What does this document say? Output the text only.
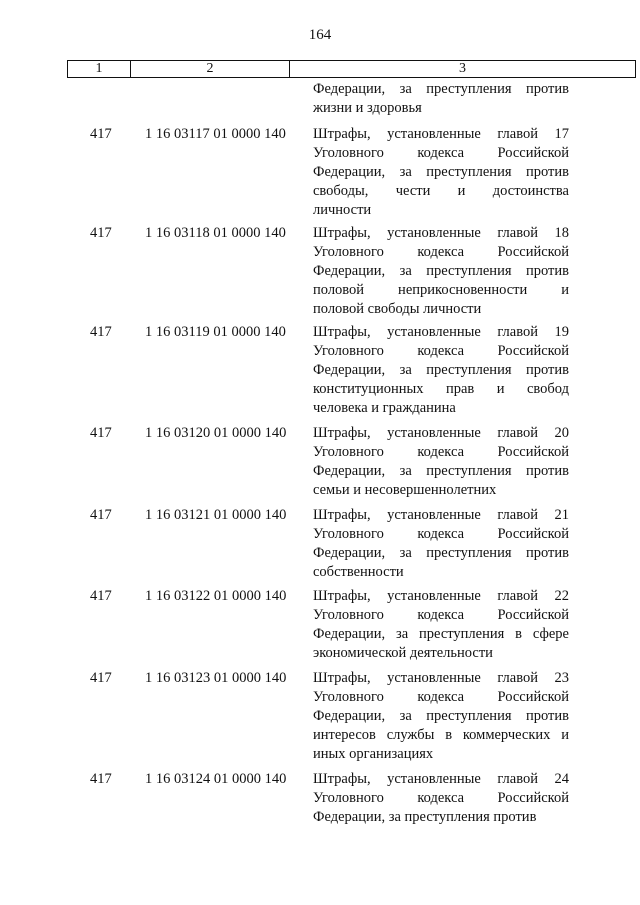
164
1	2	3
Федерации, за преступления против
жизни и здоровья
417	1 16 03117 01 0000 140	Штрафы, установленные главой 17
Уголовного кодекса Российской
Федерации, за преступления против
свободы, чести и достоинства
личности
417	1 16 03118 01 0000 140	Штрафы, установленные главой 18
Уголовного кодекса Российской
Федерации, за преступления против
половой неприкосновенности и
половой свободы личности
417	1 16 03119 01 0000 140	Штрафы, установленные главой 19
Уголовного кодекса Российской
Федерации, за преступления против
конституционных прав и свобод
человека и гражданина
417	1 16 03120 01 0000 140	Штрафы, установленные главой 20
Уголовного кодекса Российской
Федерации, за преступления против
семьи и несовершеннолетних
417	1 16 03121 01 0000 140	Штрафы, установленные главой 21
Уголовного кодекса Российской
Федерации, за преступления против
собственности
417	1 16 03122 01 0000 140	Штрафы, установленные главой 22
Уголовного кодекса Российской
Федерации, за преступления в сфере
экономической деятельности
417	1 16 03123 01 0000 140	Штрафы, установленные главой 23
Уголовного кодекса Российской
Федерации, за преступления против
интересов службы в коммерческих и
иных организациях
417	1 16 03124 01 0000 140	Штрафы, установленные главой 24
Уголовного кодекса Российской
Федерации, за преступления против
